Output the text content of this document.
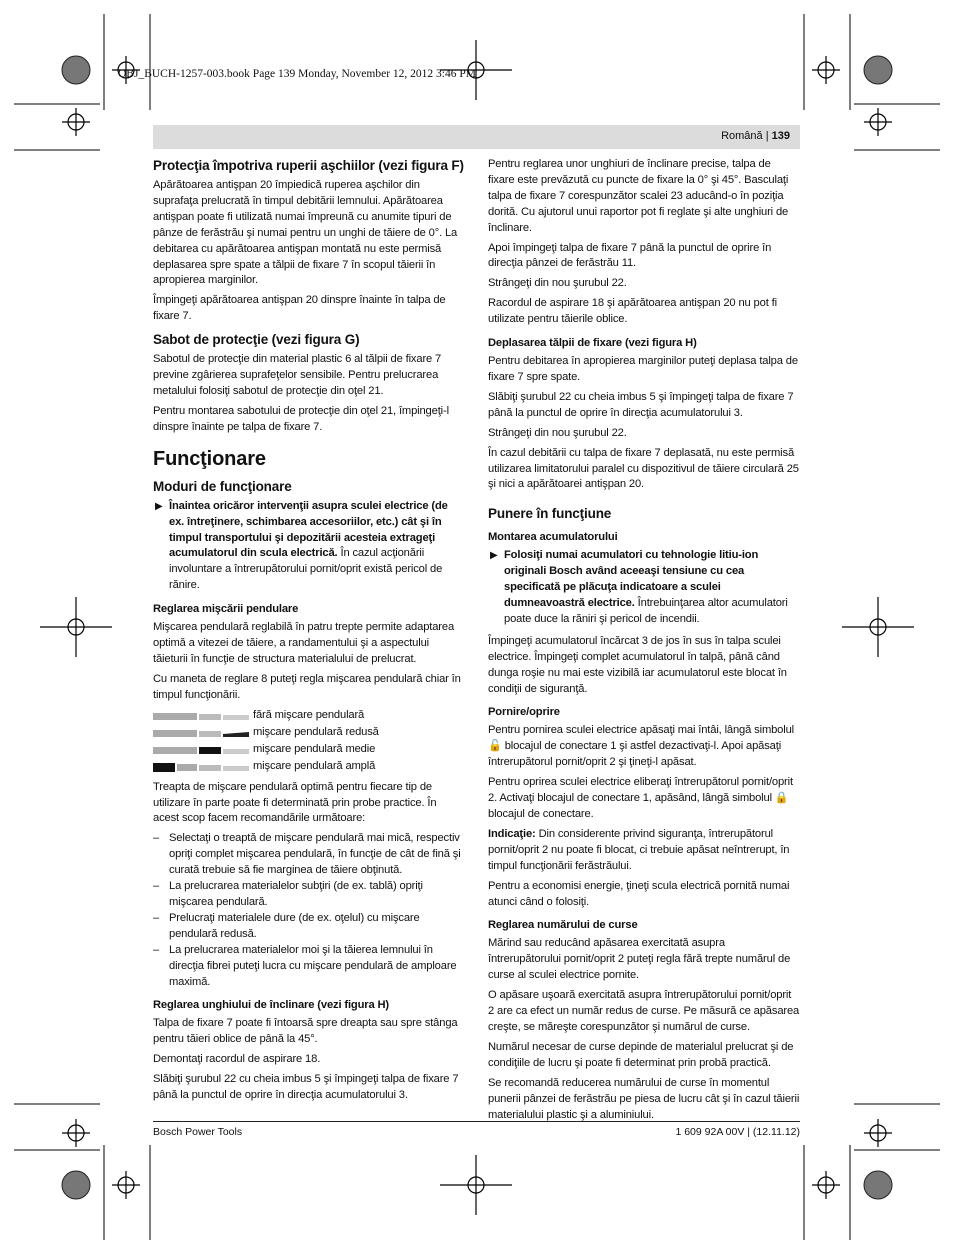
OBJ_BUCH-1257-003.book Page 139 Monday, November 12, 2012 3:46 PM
Română | 139
Protecţia împotriva ruperii aşchiilor (vezi figura F)

Apărătoarea antişpan 20 împiedică ruperea aşchilor din suprafaţa prelucrată în timpul debitării lemnului. Apărătoarea antişpan poate fi utilizată numai împreună cu anumite tipuri de pânze de ferăstrău şi numai pentru un unghi de tăiere de 0°. La debitarea cu apărătoarea antişpan montată nu este permisă deplasarea spre spate a tălpii de fixare 7 în scopul tăierii în apropierea marginilor.

Împingeţi apărătoarea antişpan 20 dinspre înainte în talpa de fixare 7.

Sabot de protecţie (vezi figura G)

Sabotul de protecţie din material plastic 6 al tălpii de fixare 7 previne zgârierea suprafeţelor sensibile. Pentru prelucrarea metalului folosiţi sabotul de protecţie din oţel 21.

Pentru montarea sabotului de protecţie din oţel 21, împingeţi-l dinspre înainte pe talpa de fixare 7.

Funcţionare
Moduri de funcţionare
▶ Înaintea oricăror intervenţii asupra sculei electrice (de ex. întreţinere, schimbarea accesoriilor, etc.) cât şi în timpul transportului şi depozitării acesteia extrageţi acumulatorul din scula electrică. În cazul acţionării involuntare a întrerupătorului pornit/oprit există pericol de rănire.
Reglarea mişcării pendulare

Mişcarea pendulară reglabilă în patru trepte permite adaptarea optimă a vitezei de tăiere, a randamentului şi a aspectului tăieturii în funcţie de structura materialului de prelucrat.

Cu maneta de reglare 8 puteţi regla mişcarea pendulară chiar în timpul funcţionării.

fără mişcare pendulară
mişcare pendulară redusă
mişcare pendulară medie
mişcare pendulară amplă

Treapta de mişcare pendulară optimă pentru fiecare tip de utilizare în parte poate fi determinată prin probe practice. În acest scop facem recomandările următoare:

– Selectaţi o treaptă de mişcare pendulară mai mică, respectiv opriţi complet mişcarea pendulară, în funcţie de cât de fină şi curată trebuie să fie marginea de tăiere obţinută.
– La prelucrarea materialelor subţiri (de ex. tablă) opriţi mişcarea pendulară.
– Prelucraţi materialele dure (de ex. oţelul) cu mişcare pendulară redusă.
– La prelucrarea materialelor moi şi la tăierea lemnului în direcţia fibrei puteţi lucra cu mişcare pendulară de amploare maximă.
Reglarea unghiului de înclinare (vezi figura H)

Talpa de fixare 7 poate fi întoarsă spre dreapta sau spre stânga pentru tăieri oblice de până la 45°.

Demontaţi racordul de aspirare 18.

Slăbiţi şurubul 22 cu cheia imbus 5 şi împingeţi talpa de fixare 7 până la punctul de oprire în direcţia acumulatorului 3.

Pentru reglarea unor unghiuri de înclinare precise, talpa de fixare este prevăzută cu puncte de fixare la 0° şi 45°. Basculaţi talpa de fixare 7 corespunzător scalei 23 aducând-o în poziţia dorită. Cu ajutorul unui raportor pot fi reglate şi alte unghiuri de înclinare.

Apoi împingeţi talpa de fixare 7 până la punctul de oprire în direcţia pânzei de ferăstrău 11.

Strângeţi din nou şurubul 22.

Racordul de aspirare 18 şi apărătoarea antişpan 20 nu pot fi utilizate pentru tăierile oblice.

Deplasarea tălpii de fixare (vezi figura H)

Pentru debitarea în apropierea marginilor puteţi deplasa talpa de fixare 7 spre spate.

Slăbiţi şurubul 22 cu cheia imbus 5 şi împingeţi talpa de fixare 7 până la punctul de oprire în direcţia acumulatorului 3.

Strângeţi din nou şurubul 22.

În cazul debitării cu talpa de fixare 7 deplasată, nu este permisă utilizarea limitatorului paralel cu dispozitivul de tăiere circulară 25 şi nici a apărătoarei antişpan 20.

Punere în funcţiune
Montarea acumulatorului
▶ Folosiţi numai acumulatori cu tehnologie litiu-ion originali Bosch având aceeaşi tensiune cu cea specificată pe plăcuţa indicatoare a sculei dumneavoastră electrice. Întrebuinţarea altor acumulatori poate duce la răniri şi pericol de incendii.

Împingeţi acumulatorul încărcat 3 de jos în sus în talpa sculei electrice. Împingeţi complet acumulatorul în talpă, până când dunga roşie nu mai este vizibilă iar acumulatorul este blocat în condiţii de siguranţă.

Pornire/oprire

Pentru pornirea sculei electrice apăsaţi mai întâi, lângă simbolul 🔓 blocajul de conectare 1 şi astfel dezactivaţi-l. Apoi apăsaţi întrerupătorul pornit/oprit 2 şi ţineţi-l apăsat.

Pentru oprirea sculei electrice eliberaţi întrerupătorul pornit/oprit 2. Activaţi blocajul de conectare 1, apăsând, lângă simbolul 🔒 blocajul de conectare.

Indicaţie: Din considerente privind siguranţa, întrerupătorul pornit/oprit 2 nu poate fi blocat, ci trebuie apăsat neîntrerupt, în timpul funcţionării ferăstrăului.

Pentru a economisi energie, ţineţi scula electrică pornită numai atunci când o folosiţi.

Reglarea numărului de curse

Mărind sau reducând apăsarea exercitată asupra întrerupătorului pornit/oprit 2 puteţi regla fără trepte numărul de curse al sculei electrice pornite.

O apăsare uşoară exercitată asupra întrerupătorului pornit/oprit 2 are ca efect un număr redus de curse. Pe măsură ce apăsarea creşte, se măreşte corespunzător şi numărul de curse.

Numărul necesar de curse depinde de materialul prelucrat şi de condiţiile de lucru şi poate fi determinat prin probă practică.

Se recomandă reducerea numărului de curse în momentul punerii pânzei de ferăstrău pe piesa de lucru cât şi în cazul tăierii materialului plastic şi a aluminiului.

Bosch Power Tools	1 609 92A 00V | (12.11.12)
